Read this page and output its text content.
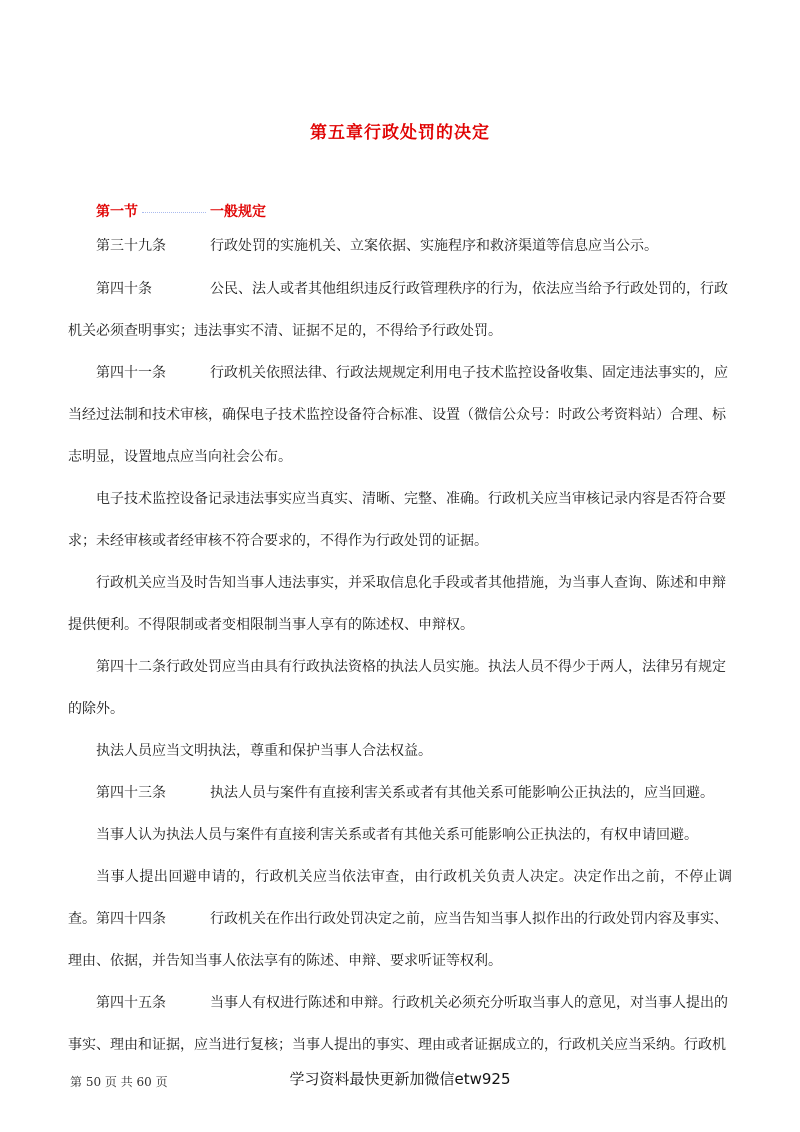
第五章行政处罚的决定
第一节	一般规定
第三十九条	行政处罚的实施机关、立案依据、实施程序和救济渠道等信息应当公示。
第四十条	公民、法人或者其他组织违反行政管理秩序的行为，依法应当给予行政处罚的，行政
机关必须查明事实；违法事实不清、证据不足的，不得给予行政处罚。
第四十一条	行政机关依照法律、行政法规规定利用电子技术监控设备收集、固定违法事实的，应
当经过法制和技术审核，确保电子技术监控设备符合标准、设置（微信公众号：时政公考资料站）合理、标
志明显，设置地点应当向社会公布。
电子技术监控设备记录违法事实应当真实、清晰、完整、准确。行政机关应当审核记录内容是否符合要
求；未经审核或者经审核不符合要求的，不得作为行政处罚的证据。
行政机关应当及时告知当事人违法事实，并采取信息化手段或者其他措施，为当事人查询、陈述和申辩
提供便利。不得限制或者变相限制当事人享有的陈述权、申辩权。
第四十二条行政处罚应当由具有行政执法资格的执法人员实施。执法人员不得少于两人，法律另有规定
的除外。
执法人员应当文明执法，尊重和保护当事人合法权益。
第四十三条	执法人员与案件有直接利害关系或者有其他关系可能影响公正执法的，应当回避。
当事人认为执法人员与案件有直接利害关系或者有其他关系可能影响公正执法的，有权申请回避。
当事人提出回避申请的，行政机关应当依法审查，由行政机关负责人决定。决定作出之前，不停止调查。 第四十四条	行政机关在作出行政处罚决定之前，应当告知当事人拟作出的行政处罚内容及事实、
理由、依据，并告知当事人依法享有的陈述、申辩、要求听证等权利。
第四十五条	当事人有权进行陈述和申辩。行政机关必须充分听取当事人的意见，对当事人提出的
事实、理由和证据，应当进行复核；当事人提出的事实、理由或者证据成立的，行政机关应当采纳。行政机
第 50 页 共 60 页	学习资料最快更新加微信etw925
